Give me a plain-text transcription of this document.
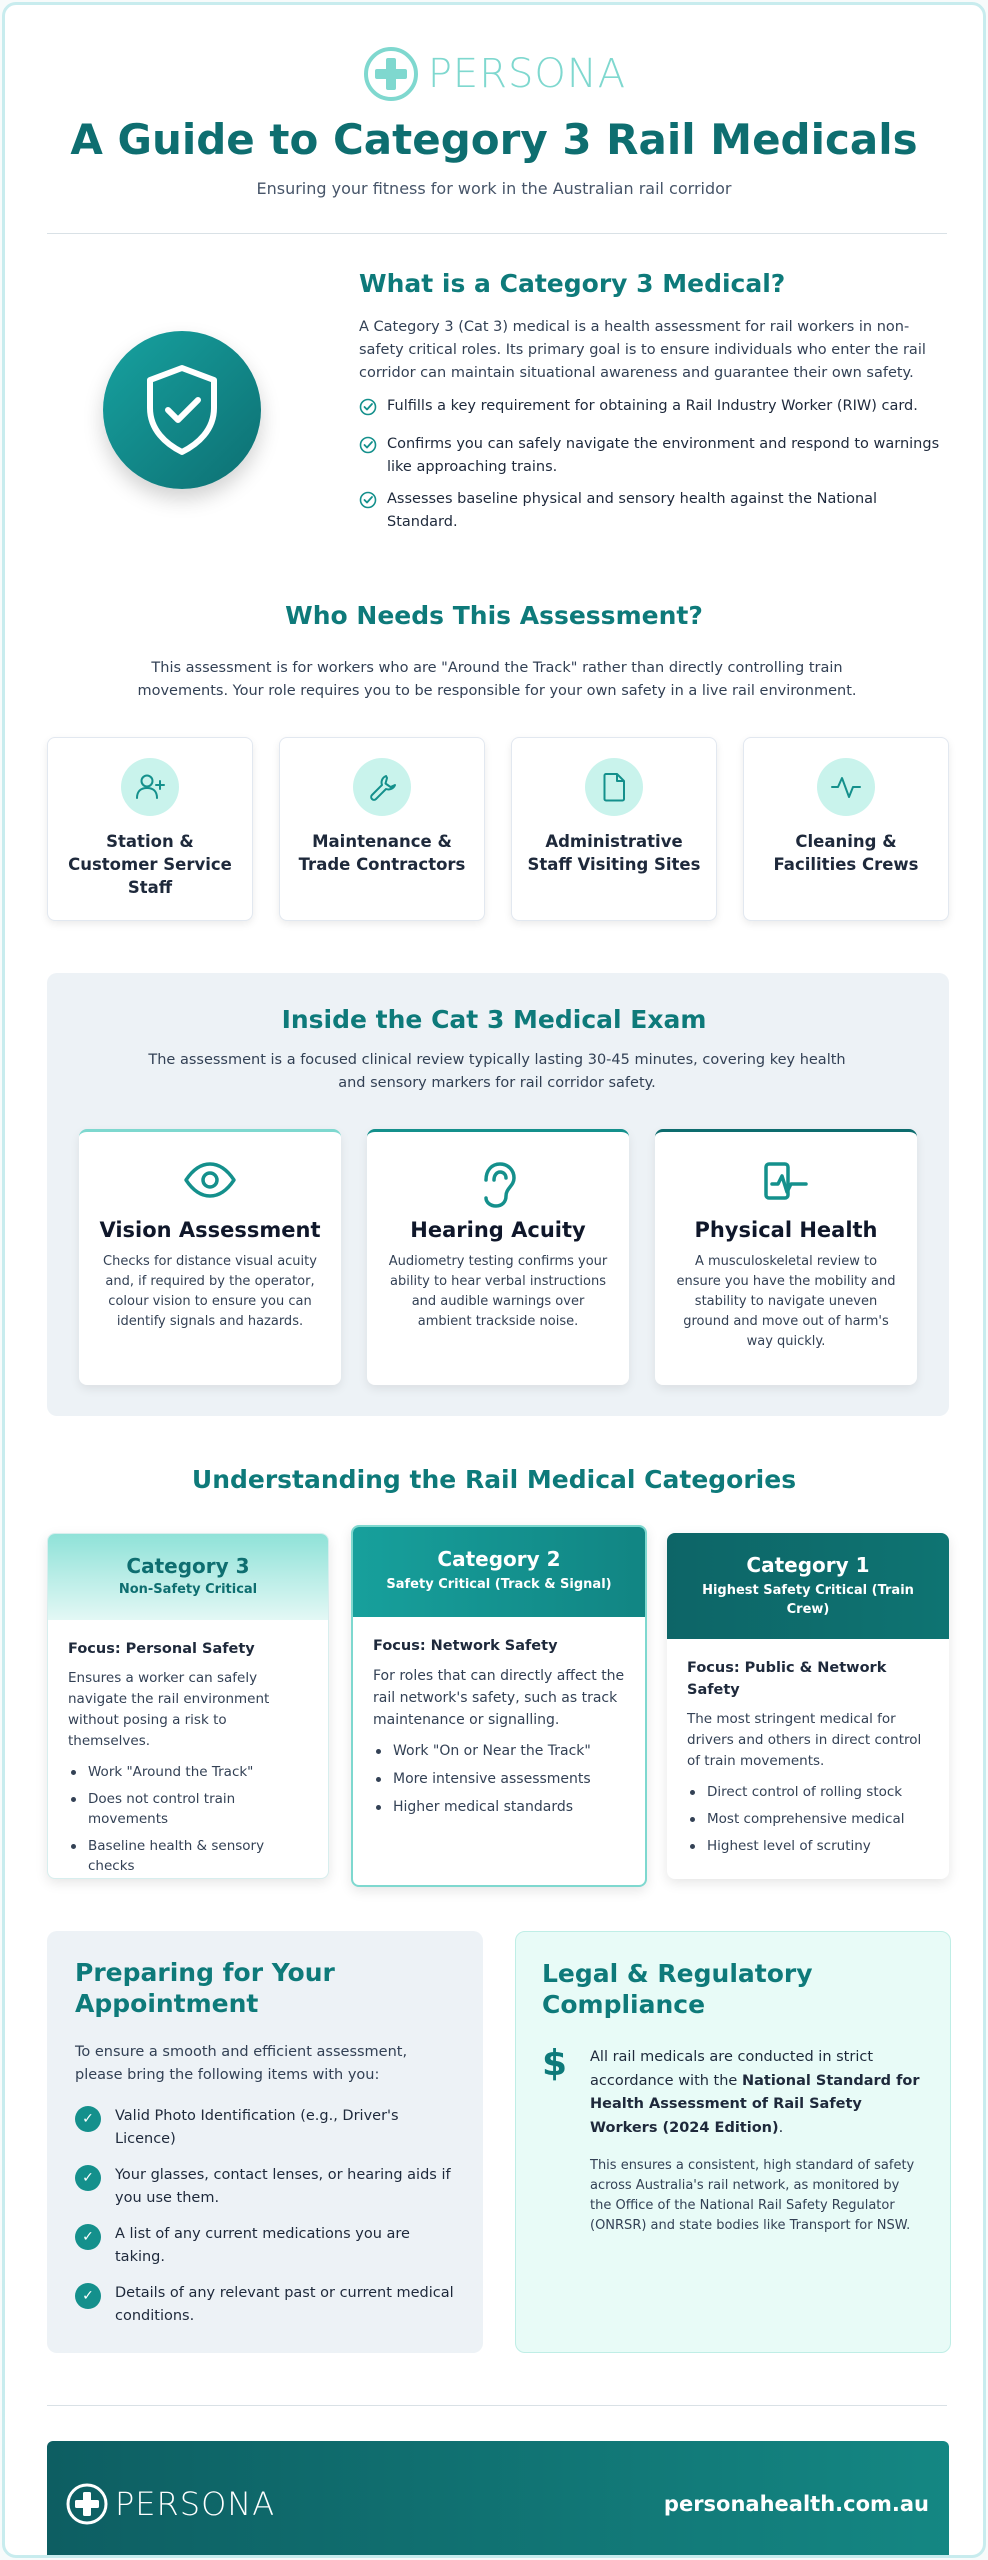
PERSONA
A Guide to Category 3 Rail Medicals
Ensuring your fitness for work in the Australian rail corridor
What is a Category 3 Medical?

A Category 3 (Cat 3) medical is a health assessment for rail workers in non-safety critical roles. Its primary goal is to ensure individuals who enter the rail corridor can maintain situational awareness and guarantee their own safety.

Fulfills a key requirement for obtaining a Rail Industry Worker (RIW) card.
Confirms you can safely navigate the environment and respond to warnings like approaching trains.
Assesses baseline physical and sensory health against the National Standard.
Who Needs This Assessment?

This assessment is for workers who are "Around the Track" rather than directly controlling train movements. Your role requires you to be responsible for your own safety in a live rail environment.

Station & Customer Service Staff
Maintenance & Trade Contractors
Administrative Staff Visiting Sites
Cleaning & Facilities Crews
Inside the Cat 3 Medical Exam

The assessment is a focused clinical review typically lasting 30-45 minutes, covering key health and sensory markers for rail corridor safety.

Vision Assessment
Checks for distance visual acuity and, if required by the operator, colour vision to ensure you can identify signals and hazards.
Hearing Acuity
Audiometry testing confirms your ability to hear verbal instructions and audible warnings over ambient trackside noise.
Physical Health
A musculoskeletal review to ensure you have the mobility and stability to navigate uneven ground and move out of harm's way quickly.
Understanding the Rail Medical Categories
Category 3
Non-Safety Critical
Focus: Personal Safety
Ensures a worker can safely navigate the rail environment without posing a risk to themselves.
Work "Around the Track"
Does not control train movements
Baseline health & sensory checks
Category 2
Safety Critical (Track & Signal)
Focus: Network Safety
For roles that can directly affect the rail network's safety, such as track maintenance or signalling.
Work "On or Near the Track"
More intensive assessments
Higher medical standards
Category 1
Highest Safety Critical (Train Crew)
Focus: Public & Network Safety
The most stringent medical for drivers and others in direct control of train movements.
Direct control of rolling stock
Most comprehensive medical
Highest level of scrutiny
Preparing for Your Appointment

To ensure a smooth and efficient assessment, please bring the following items with you:

✓	Valid Photo Identification (e.g., Driver's Licence)
✓	Your glasses, contact lenses, or hearing aids if you use them.
✓	A list of any current medications you are taking.
✓	Details of any relevant past or current medical conditions.
Legal & Regulatory Compliance
$	All rail medicals are conducted in strict accordance with the National Standard for Health Assessment of Rail Safety Workers (2024 Edition).
This ensures a consistent, high standard of safety across Australia's rail network, as monitored by the Office of the National Rail Safety Regulator (ONRSR) and state bodies like Transport for NSW.
PERSONA	personahealth.com.au
